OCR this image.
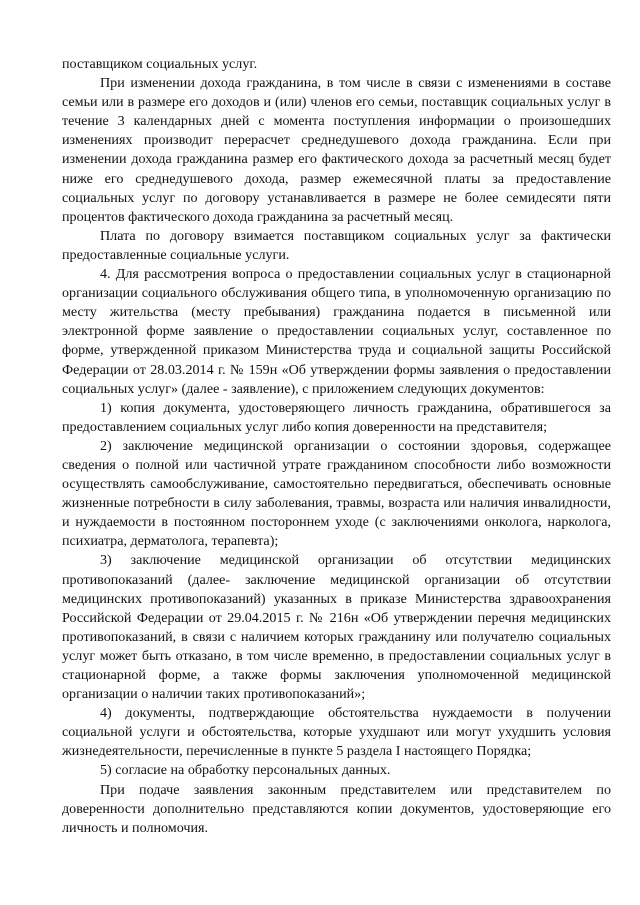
поставщиком социальных услуг.

При изменении дохода гражданина, в том числе в связи с изменениями в составе семьи или в размере его доходов и (или) членов его семьи, поставщик социальных услуг в течение 3 календарных дней с момента поступления информации о произошедших изменениях производит перерасчет среднедушевого дохода гражданина. Если при изменении дохода гражданина размер его фактического дохода за расчетный месяц будет ниже его среднедушевого дохода, размер ежемесячной платы за предоставление социальных услуг по договору устанавливается в размере не более семидесяти пяти процентов фактического дохода гражданина за расчетный месяц.

Плата по договору взимается поставщиком социальных услуг за фактически предоставленные социальные услуги.

4. Для рассмотрения вопроса о предоставлении социальных услуг в стационарной организации социального обслуживания общего типа, в уполномоченную организацию по месту жительства (месту пребывания) гражданина подается в письменной или электронной форме заявление о предоставлении социальных услуг, составленное по форме, утвержденной приказом Министерства труда и социальной защиты Российской Федерации от 28.03.2014 г. № 159н «Об утверждении формы заявления о предоставлении социальных услуг» (далее - заявление), с приложением следующих документов:

1) копия документа, удостоверяющего личность гражданина, обратившегося за предоставлением социальных услуг либо копия доверенности на представителя;

2) заключение медицинской организации о состоянии здоровья, содержащее сведения о полной или частичной утрате гражданином способности либо возможности осуществлять самообслуживание, самостоятельно передвигаться, обеспечивать основные жизненные потребности в силу заболевания, травмы, возраста или наличия инвалидности, и нуждаемости в постоянном постороннем уходе (с заключениями онколога, нарколога, психиатра, дерматолога, терапевта);

3) заключение медицинской организации об отсутствии медицинских противопоказаний (далее- заключение медицинской организации об отсутствии медицинских противопоказаний) указанных в приказе Министерства здравоохранения Российской Федерации от 29.04.2015 г. № 216н «Об утверждении перечня медицинских противопоказаний, в связи с наличием которых гражданину или получателю социальных услуг может быть отказано, в том числе временно, в предоставлении социальных услуг в стационарной форме, а также формы заключения уполномоченной медицинской организации о наличии таких противопоказаний»;

4) документы, подтверждающие обстоятельства нуждаемости в получении социальной услуги и обстоятельства, которые ухудшают или могут ухудшить условия жизнедеятельности, перечисленные в пункте 5 раздела I настоящего Порядка;

5) согласие на обработку персональных данных.

При подаче заявления законным представителем или представителем по доверенности дополнительно представляются копии документов, удостоверяющие его личность и полномочия.
